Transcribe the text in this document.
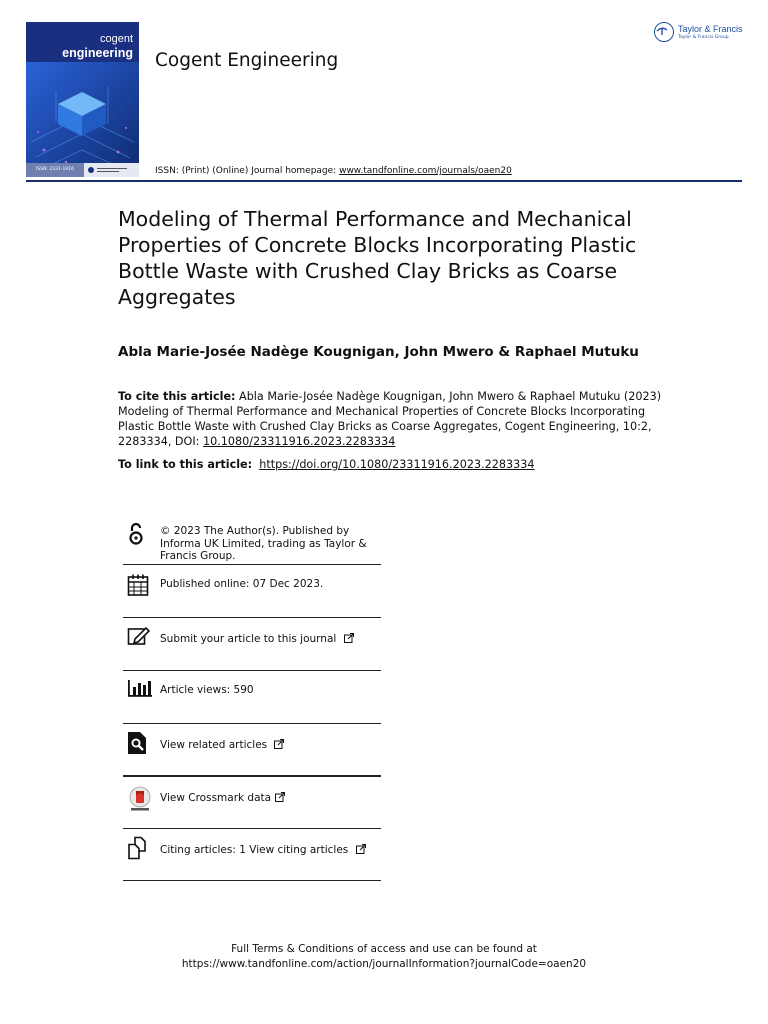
cogent
engineering
ISSN: 2331-1916
Cogent Engineering
Taylor & Francis
Taylor & Francis Group
ISSN: (Print) (Online) Journal homepage: www.tandfonline.com/journals/oaen20
Modeling of Thermal Performance and Mechanical Properties of Concrete Blocks Incorporating Plastic Bottle Waste with Crushed Clay Bricks as Coarse Aggregates
Abla Marie-Josée Nadège Kougnigan, John Mwero & Raphael Mutuku
To cite this article: Abla Marie-Josée Nadège Kougnigan, John Mwero & Raphael Mutuku (2023) Modeling of Thermal Performance and Mechanical Properties of Concrete Blocks Incorporating Plastic Bottle Waste with Crushed Clay Bricks as Coarse Aggregates, Cogent Engineering, 10:2, 2283334, DOI: 10.1080/23311916.2023.2283334
To link to this article: https://doi.org/10.1080/23311916.2023.2283334
© 2023 The Author(s). Published by Informa UK Limited, trading as Taylor & Francis Group.
Published online: 07 Dec 2023.
Submit your article to this journal
Article views: 590
View related articles
View Crossmark data
Citing articles: 1 View citing articles
Full Terms & Conditions of access and use can be found at
https://www.tandfonline.com/action/journalInformation?journalCode=oaen20
